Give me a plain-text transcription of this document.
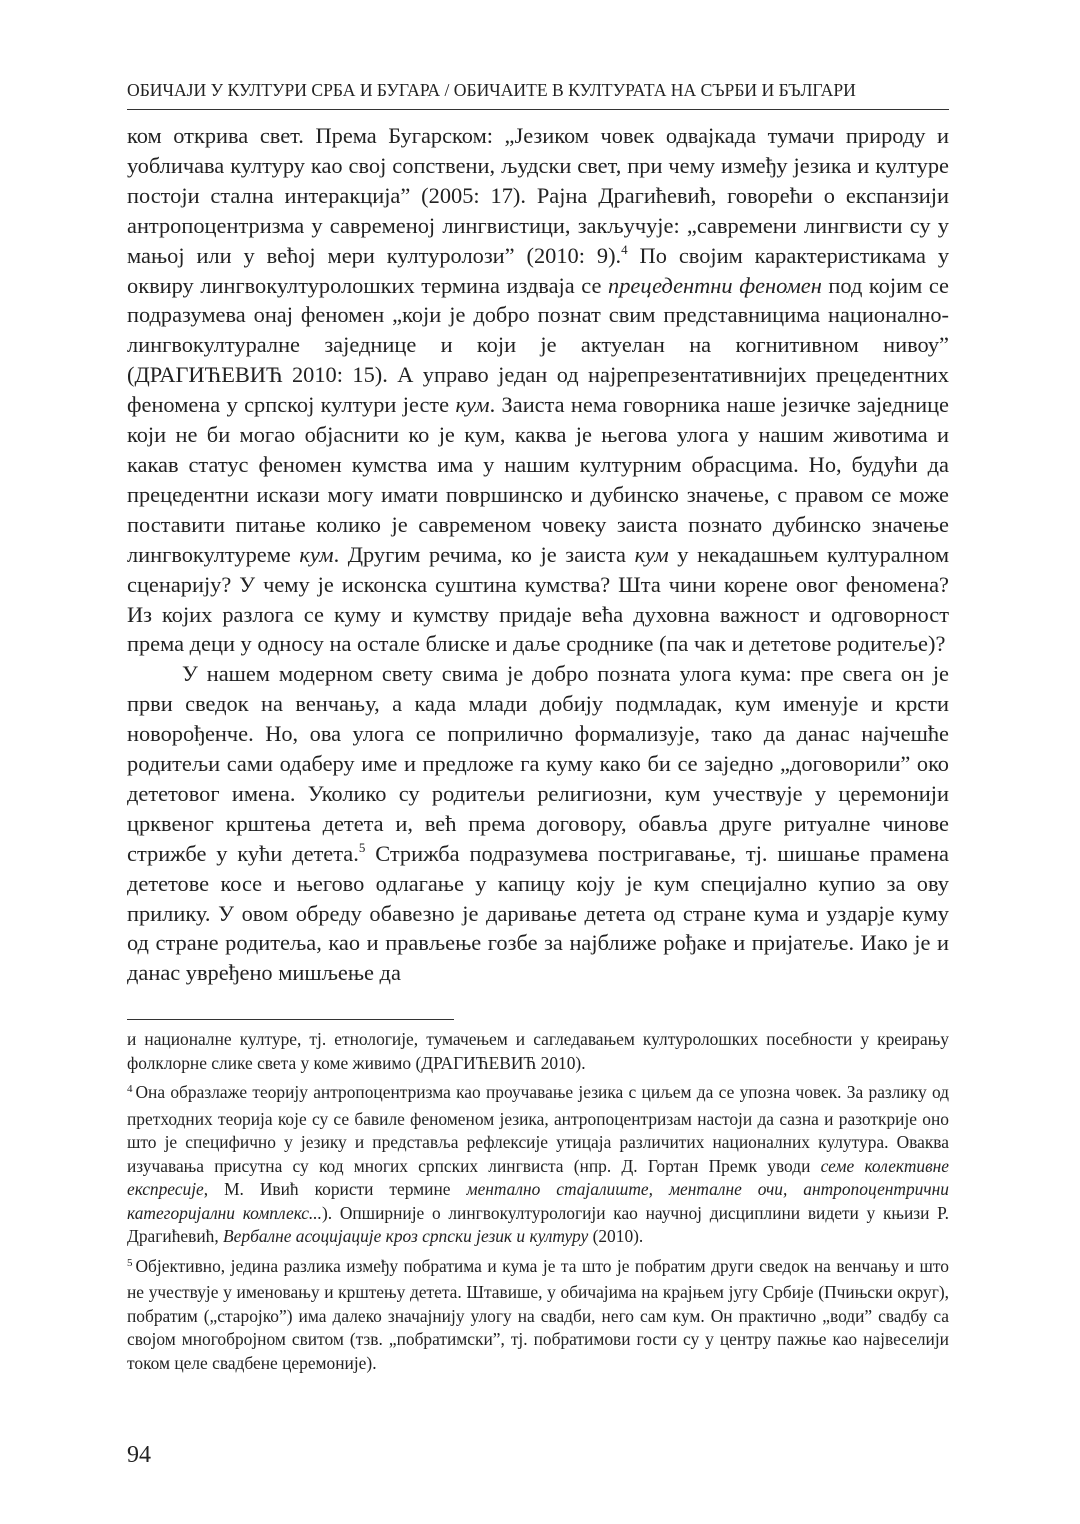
ОБИЧАЈИ У КУЛТУРИ СРБА И БУГАРА / ОБИЧАИТЕ В КУЛТУРАТА НА СЪРБИ И БЪЛГАРИ

ком открива свет. Према Бугарском: „Језиком човек одвајкада тумачи природу и уобличава културу као свој сопствени, људски свет, при чему између језика и културе постоји стална интеракција” (2005: 17). Рајна Драгићевић, говорећи о експанзији антропоцентризма у савременој лингвистици, закључује: „савремени лингвисти су у мањој или у већој мери културолози” (2010: 9).$^4$ По својим карактеристикама у оквиру лингвокултуролошких термина издваја се прецедентни феномен под којим се подразумева онај феномен „који је добро познат свим представницима национално-лингвокултуралне заједнице и који је актуелан на когнитивном нивоу” (ДРАГИЋЕВИЋ 2010: 15). А управо један од најрепрезентативнијих прецедентних феномена у српској култури јесте кум. Заиста нема говорника наше језичке заједнице који не би могао објаснити ко је кум, каква је његова улога у нашим животима и какав статус феномен кумства има у нашим културним обрасцима. Но, будући да прецедентни искази могу имати површинско и дубинско значење, с правом се може поставити питање колико је савременом човеку заиста познато дубинско значење лингвокултуреме кум. Другим речима, ко је заиста кум у некадашњем културалном сценарију? У чему је исконска суштина кумства? Шта чини корене овог феномена? Из којих разлога се куму и кумству придаје већа духовна важност и одговорност према деци у односу на остале блиске и даље сроднике (па чак и дететове родитеље)?

У нашем модерном свету свима је добро позната улога кума: пре свега он је први сведок на венчању, а када млади добију подмладак, кум именује и крсти новорођенче. Но, ова улога се поприлично формализује, тако да данас најчешће родитељи сами одаберу име и предложе га куму како би се заједно „договорили” око дететовог имена. Уколико су родитељи религиозни, кум учествује у церемонији црквеног крштења детета и, већ према договору, обавља друге ритуалне чинове стрижбе у кући детета.$^5$ Стрижба подразумева постригавање, тј. шишање прамена дететове косе и његово одлагање у капицу коју је кум специјално купио за ову прилику. У овом обреду обавезно је даривање детета од стране кума и уздарје куму од стране родитеља, као и прављење гозбе за најближе рођаке и пријатеље. Иако је и данас увређено мишљење да

и националне културе, тј. етнологије, тумачењем и сагледавањем културолошких посебности у креирању фолклорне слике света у коме живимо (ДРАГИЋЕВИЋ 2010).

$^4$ Она образлаже теорију антропоцентризма као проучавање језика с циљем да се упозна човек. За разлику од претходних теорија које су се бавиле феноменом језика, антропоцентризам настоји да сазна и разоткрије оно што је специфично у језику и представља рефлексије утицаја различитих националних кулутура. Оваква изучавања присутна су код многих српских лингвиста (нпр. Д. Гортан Премк уводи семе колективне експресије, М. Ивић користи термине ментално стајалиште, менталне очи, антропоцентрични категоријални комплекс...). Опширније о лингвокултурологији као научној дисциплини видети у књизи Р. Драгићевић, Вербалне асоцијације кроз српски језик и културу (2010).

$^5$ Објективно, једина разлика између побратима и кума је та што је побратим други сведок на венчању и што не учествује у именовању и крштењу детета. Штавише, у обичајима на крајњем југу Србије (Пчињски округ), побратим („старојко”) има далеко значајнију улогу на свадби, него сам кум. Он практично „води” свадбу са својом многобројном свитом (тзв. „побратимски”, тј. побратимови гости су у центру пажње као највеселији током целе свадбене церемоније).

94
